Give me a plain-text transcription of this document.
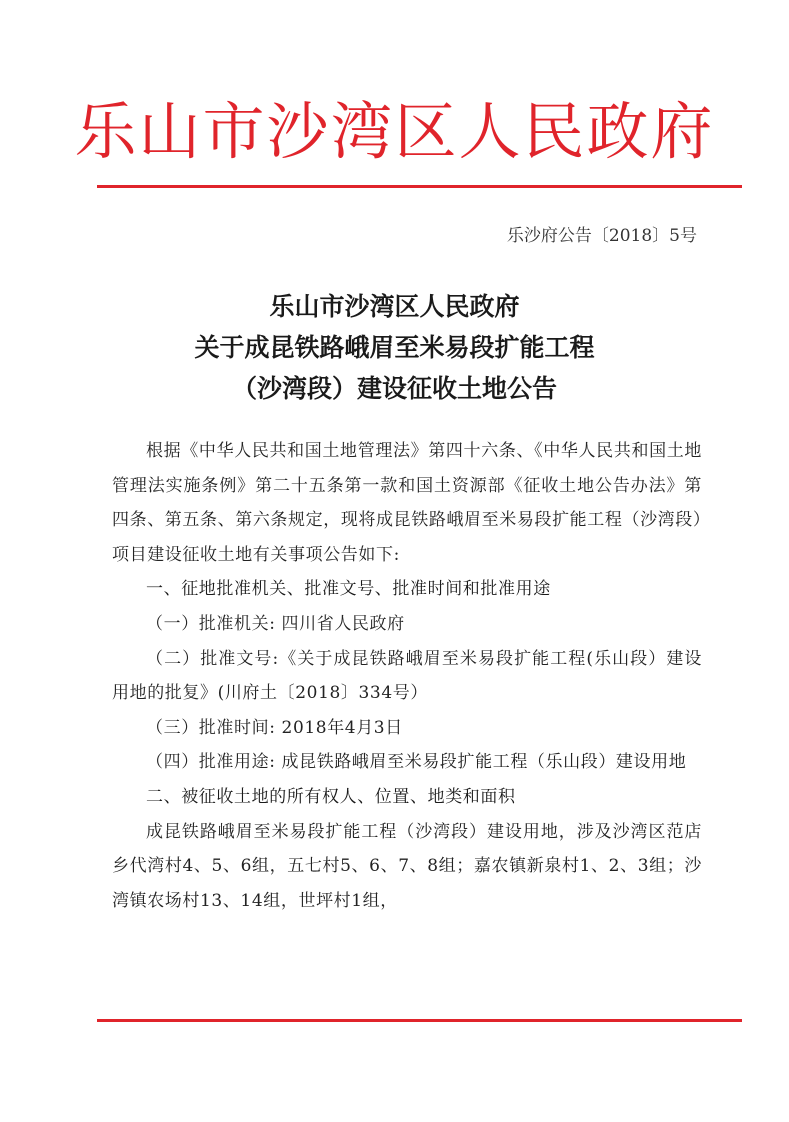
乐山市沙湾区人民政府
乐沙府公告〔2018〕5号
乐山市沙湾区人民政府
关于成昆铁路峨眉至米易段扩能工程
（沙湾段）建设征收土地公告

根据《中华人民共和国土地管理法》第四十六条、《中华人民共和国土地管理法实施条例》第二十五条第一款和国土资源部《征收土地公告办法》第四条、第五条、第六条规定，现将成昆铁路峨眉至米易段扩能工程（沙湾段）项目建设征收土地有关事项公告如下:

一、征地批准机关、批准文号、批准时间和批准用途

（一）批准机关: 四川省人民政府

（二）批准文号:《关于成昆铁路峨眉至米易段扩能工程(乐山段）建设用地的批复》(川府土〔2018〕334号）

（三）批准时间: 2018年4月3日

（四）批准用途: 成昆铁路峨眉至米易段扩能工程（乐山段）建设用地

二、被征收土地的所有权人、位置、地类和面积

成昆铁路峨眉至米易段扩能工程（沙湾段）建设用地，涉及沙湾区范店乡代湾村4、5、6组，五七村5、6、7、8组；嘉农镇新泉村1、2、3组；沙湾镇农场村13、14组，世坪村1组，
